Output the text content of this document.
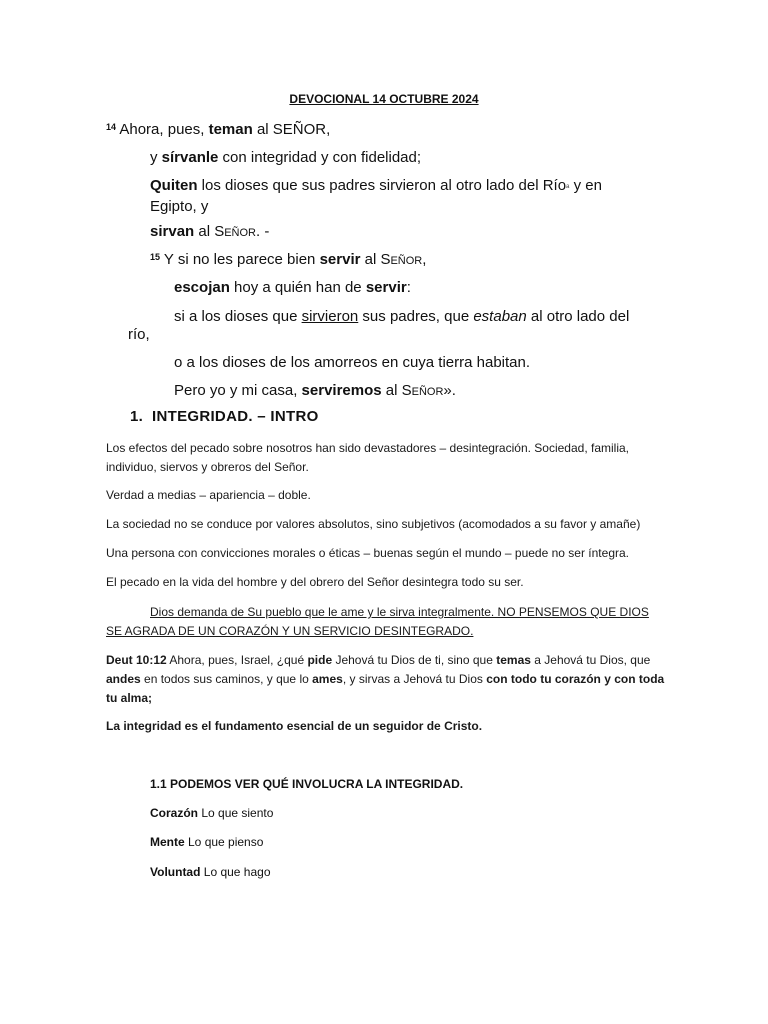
DEVOCIONAL 14 OCTUBRE 2024
$^{14}$ Ahora, pues, teman al SEÑOR,
y sírvanle con integridad y con fidelidad;
Quiten los dioses que sus padres sirvieron al otro lado del Ríoᵃ y en Egipto, y
sirvan al Señor. -
$^{15}$ Y si no les parece bien servir al Señor,
escojan hoy a quién han de servir:
si a los dioses que sirvieron sus padres, que estaban al otro lado del
río,
o a los dioses de los amorreos en cuya tierra habitan.
Pero yo y mi casa, serviremos al Señor».
1. INTEGRIDAD. – INTRO
Los efectos del pecado sobre nosotros han sido devastadores – desintegración. Sociedad, familia, individuo, siervos y obreros del Señor.
Verdad a medias – apariencia – doble.
La sociedad no se conduce por valores absolutos, sino subjetivos (acomodados a su favor y amañe)
Una persona con convicciones morales o éticas – buenas según el mundo – puede no ser íntegra.
El pecado en la vida del hombre y del obrero del Señor desintegra todo su ser.
Dios demanda de Su pueblo que le ame y le sirva integralmente. NO PENSEMOS QUE DIOS SE AGRADA DE UN CORAZÓN Y UN SERVICIO DESINTEGRADO.
Deut 10:12 Ahora, pues, Israel, ¿qué pide Jehová tu Dios de ti, sino que temas a Jehová tu Dios, que andes en todos sus caminos, y que lo ames, y sirvas a Jehová tu Dios con todo tu corazón y con toda tu alma;
La integridad es el fundamento esencial de un seguidor de Cristo.
1.1 PODEMOS VER QUÉ INVOLUCRA LA INTEGRIDAD.
Corazón Lo que siento
Mente Lo que pienso
Voluntad Lo que hago
